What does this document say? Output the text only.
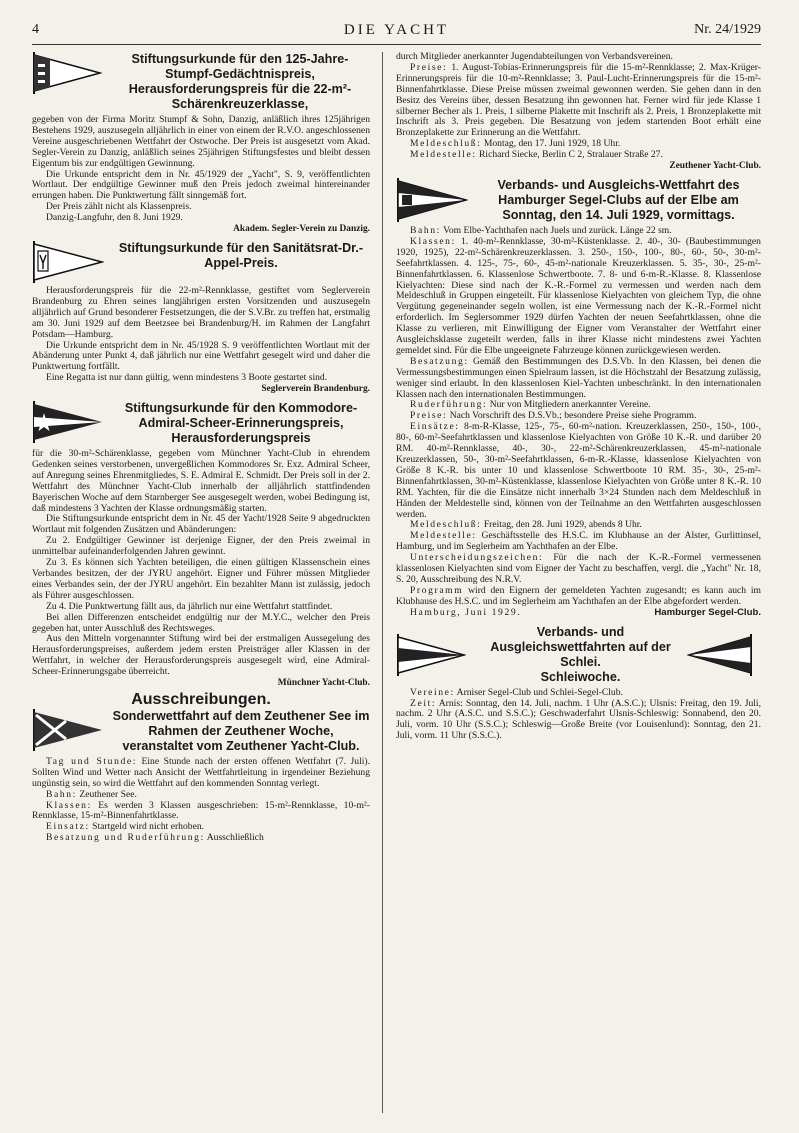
4	DIE YACHT	Nr. 24/1929
Stiftungsurkunde für den 125-Jahre-Stumpf-Gedächtnispreis, Herausforderungspreis für die 22-m²-Schärenkreuzerklasse,

gegeben von der Firma Moritz Stumpf & Sohn, Danzig, anläßlich ihres 125jährigen Bestehens 1929, auszusegeln alljährlich in einer von einem der R.V.O. angeschlossenen Vereine ausgeschriebenen Wettfahrt der Ostwoche. Der Preis ist ausgesetzt vom Akad. Segler-Verein zu Danzig, anläßlich seines 25jährigen Stiftungsfestes und bleibt dessen Eigentum bis zur endgültigen Gewinnung.

Die Urkunde entspricht dem in Nr. 45/1929 der „Yacht", S. 9, veröffentlichten Wortlaut. Der endgültige Gewinner muß den Preis jedoch zweimal hintereinander errungen haben. Die Punktwertung fällt sinngemäß fort.

Der Preis zählt nicht als Klassenpreis.

Danzig-Langfuhr, den 8. Juni 1929.

Akadem. Segler-Verein zu Danzig.
Stiftungsurkunde für den Sanitätsrat-Dr.-Appel-Preis.

Herausforderungspreis für die 22-m²-Rennklasse, gestiftet vom Seglerverein Brandenburg zu Ehren seines langjährigen ersten Vorsitzenden und auszusegeln alljährlich auf Grund besonderer Festsetzungen, die der S.V.Br. zu treffen hat, erstmalig am 30. Juni 1929 auf dem Beetzsee bei Brandenburg/H. im Rahmen der Langfahrt Potsdam—Hamburg.

Die Urkunde entspricht dem in Nr. 45/1928 S. 9 veröffentlichten Wortlaut mit der Abänderung unter Punkt 4, daß jährlich nur eine Wettfahrt gesegelt wird und daher die Punktwertung fortfällt.

Eine Regatta ist nur dann gültig, wenn mindestens 3 Boote gestartet sind.

Seglerverein Brandenburg.
Stiftungsurkunde für den Kommodore-Admiral-Scheer-Erinnerungspreis, Herausforderungspreis

für die 30-m²-Schärenklasse, gegeben vom Münchner Yacht-Club in ehrendem Gedenken seines verstorbenen, unvergeßlichen Kommodores Sr. Exz. Admiral Scheer, auf Anregung seines Ehrenmitgliedes, S. E. Admiral E. Schmidt. Der Preis soll in der 2. Wettfahrt des Münchner Yacht-Club innerhalb der alljährlich stattfindenden Bayerischen Woche auf dem Starnberger See ausgesegelt werden, wobei Bedingung ist, daß mindestens 3 Yachten der Klasse ordnungsmäßig starten.

Die Stiftungsurkunde entspricht dem in Nr. 45 der Yacht/1928 Seite 9 abgedruckten Wortlaut mit folgenden Zusätzen und Abänderungen:

Zu 2. Endgültiger Gewinner ist derjenige Eigner, der den Preis zweimal in unmittelbar aufeinanderfolgenden Jahren gewinnt.

Zu 3. Es können sich Yachten beteiligen, die einen gültigen Klassenschein eines Verbandes besitzen, der der JYRU angehört. Eigner und Führer müssen Mitglieder eines Verbandes sein, der der JYRU angehört. Ein bezahlter Mann ist zulässig, jedoch als Führer ausgeschlossen.

Zu 4. Die Punktwertung fällt aus, da jährlich nur eine Wettfahrt stattfindet.

Bei allen Differenzen entscheidet endgültig nur der M.Y.C., welcher den Preis gegeben hat, unter Ausschluß des Rechtsweges.

Aus den Mitteln vorgenannter Stiftung wird bei der erstmaligen Aussegelung des Herausforderungspreises, außerdem jedem ersten Preisträger aller Klassen in der Wettfahrt, in welcher der Herausforderungspreis ausgesegelt wird, eine Admiral-Scheer-Erinnerungsgabe überreicht.

Münchner Yacht-Club.
Ausschreibungen.
Sonderwettfahrt auf dem Zeuthener See im Rahmen der Zeuthener Woche, veranstaltet vom Zeuthener Yacht-Club.

Tag und Stunde: Eine Stunde nach der ersten offenen Wettfahrt (7. Juli). Sollten Wind und Wetter nach Ansicht der Wettfahrtleitung in irgendeiner Beziehung ungünstig sein, so wird die Wettfahrt auf den kommenden Sonntag verlegt.

Bahn: Zeuthener See.

Klassen: Es werden 3 Klassen ausgeschrieben: 15-m²-Rennklasse, 10-m²-Rennklasse, 15-m²-Binnenfahrtklasse.

Einsatz: Startgeld wird nicht erhoben.

Besatzung und Ruderführung: Ausschließlich

durch Mitglieder anerkannter Jugendabteilungen von Verbandsvereinen.

Preise: 1. August-Tobias-Erinnerungspreis für die 15-m²-Rennklasse; 2. Max-Krüger-Erinnerungspreis für die 10-m²-Rennklasse; 3. Paul-Lucht-Erinnerungspreis für die 15-m²-Binnenfahrtklasse. Diese Preise müssen zweimal gewonnen werden. Sie gehen dann in den Besitz des Vereins über, dessen Besatzung ihn gewonnen hat. Ferner wird für jede Klasse 1 silberner Becher als 1. Preis, 1 silberne Plakette mit Inschrift als 2. Preis, 1 Bronzeplakette mit Inschrift als 3. Preis gegeben. Die Besatzung von jedem startenden Boot erhält eine Bronzeplakette zur Erinnerung an die Wettfahrt.

Meldeschluß: Montag, den 17. Juni 1929, 18 Uhr.

Meldestelle: Richard Siecke, Berlin C 2, Stralauer Straße 27.

Zeuthener Yacht-Club.
Verbands- und Ausgleichs-Wettfahrt des Hamburger Segel-Clubs auf der Elbe am Sonntag, den 14. Juli 1929, vormittags.

Bahn: Vom Elbe-Yachthafen nach Juels und zurück. Länge 22 sm.

Klassen: 1. 40-m²-Rennklasse, 30-m²-Küstenklasse. 2. 40-, 30- (Baubestimmungen 1920, 1925), 22-m²-Schärenkreuzerklassen. 3. 250-, 150-, 100-, 80-, 60-, 50-, 30-m²-Seefahrtklassen. 4. 125-, 75-, 60-, 45-m²-nationale Kreuzerklassen. 5. 35-, 30-, 25-m²-Binnenfahrtklassen. 6. Klassenlose Schwertboote. 7. 8- und 6-m-R.-Klasse. 8. Klassenlose Kielyachten: Diese sind nach der K.-R.-Formel zu vermessen und werden nach dem Meldeschluß in Gruppen eingeteilt. Für klassenlose Kielyachten von gleichem Typ, die ohne Vergütung gegeneinander segeln wollen, ist eine Vermessung nach der K.-R.-Formel nicht erforderlich. Im Seglersommer 1929 dürfen Yachten der neuen Seefahrtklassen, ohne die Klasse zu verlieren, mit Einwilligung der Eigner vom Veranstalter der Wettfahrt einer Ausgleichsklasse zugeteilt werden, falls in ihrer Klasse nicht mindestens zwei Yachten gemeldet sind. Für die Elbe ungeeignete Fahrzeuge können zurückgewiesen werden.

Besatzung: Gemäß den Bestimmungen des D.S.Vb. In den Klassen, bei denen die Vermessungsbestimmungen einen Spielraum lassen, ist die Höchstzahl der Besatzung zulässig, weniger sind erlaubt. In den klassenlosen Kiel-Yachten unbeschränkt. In den internationalen Klassen nach den internationalen Bestimmungen.

Ruderführung: Nur von Mitgliedern anerkannter Vereine.

Preise: Nach Vorschrift des D.S.Vb.; besondere Preise siehe Programm.

Einsätze: 8-m-R-Klasse, 125-, 75-, 60-m²-nation. Kreuzerklassen, 250-, 150-, 100-, 80-, 60-m²-Seefahrtklassen und klassenlose Kielyachten von Größe 10 K.-R. und darüber 20 RM. 40-m²-Rennklasse, 40-, 30-, 22-m²-Schärenkreuzerklassen, 45-m²-nationale Kreuzerklassen, 50-, 30-m²-Seefahrtklassen, 6-m-R.-Klasse, klassenlose Kielyachten von Größe 8 K.-R. bis unter 10 und klassenlose Schwertboote 10 RM. 35-, 30-, 25-m²-Binnenfahrtklassen, 30-m²-Küstenklasse, klassenlose Kielyachten von Größe unter 8 K.-R. 10 RM. Yachten, für die die Einsätze nicht innerhalb 3×24 Stunden nach dem Meldeschluß in Händen der Meldestelle sind, können von der Teilnahme an den Wettfahrten ausgeschlossen werden.

Meldeschluß: Freitag, den 28. Juni 1929, abends 8 Uhr.

Meldestelle: Geschäftsstelle des H.S.C. im Klubhause an der Alster, Gurlittinsel, Hamburg, und im Seglerheim am Yachthafen an der Elbe.

Unterscheidungszeichen: Für die nach der K.-R.-Formel vermessenen klassenlosen Kielyachten sind vom Eigner der Yacht zu beschaffen, vergl. die „Yacht" Nr. 18, S. 20, Ausschreibung des N.R.V.

Programm wird den Eignern der gemeldeten Yachten zugesandt; es kann auch im Klubhause des H.S.C. und im Seglerheim am Yachthafen an der Elbe abgefordert werden.

Hamburg, Juni 1929.	Hamburger Segel-Club.

Verbands- und Ausgleichswettfahrten auf der Schlei.
Schleiwoche.

Vereine: Arniser Segel-Club und Schlei-Segel-Club.

Zeit: Arnis: Sonntag, den 14. Juli, nachm. 1 Uhr (A.S.C.); Ulsnis: Freitag, den 19. Juli, nachm. 2 Uhr (A.S.C. und S.S.C.); Geschwaderfahrt Ulsnis-Schleswig: Sonnabend, den 20. Juli, vorm. 10 Uhr (S.S.C.); Schleswig—Große Breite (vor Louisenlund): Sonntag, den 21. Juli, vorm. 11 Uhr (S.S.C.).
